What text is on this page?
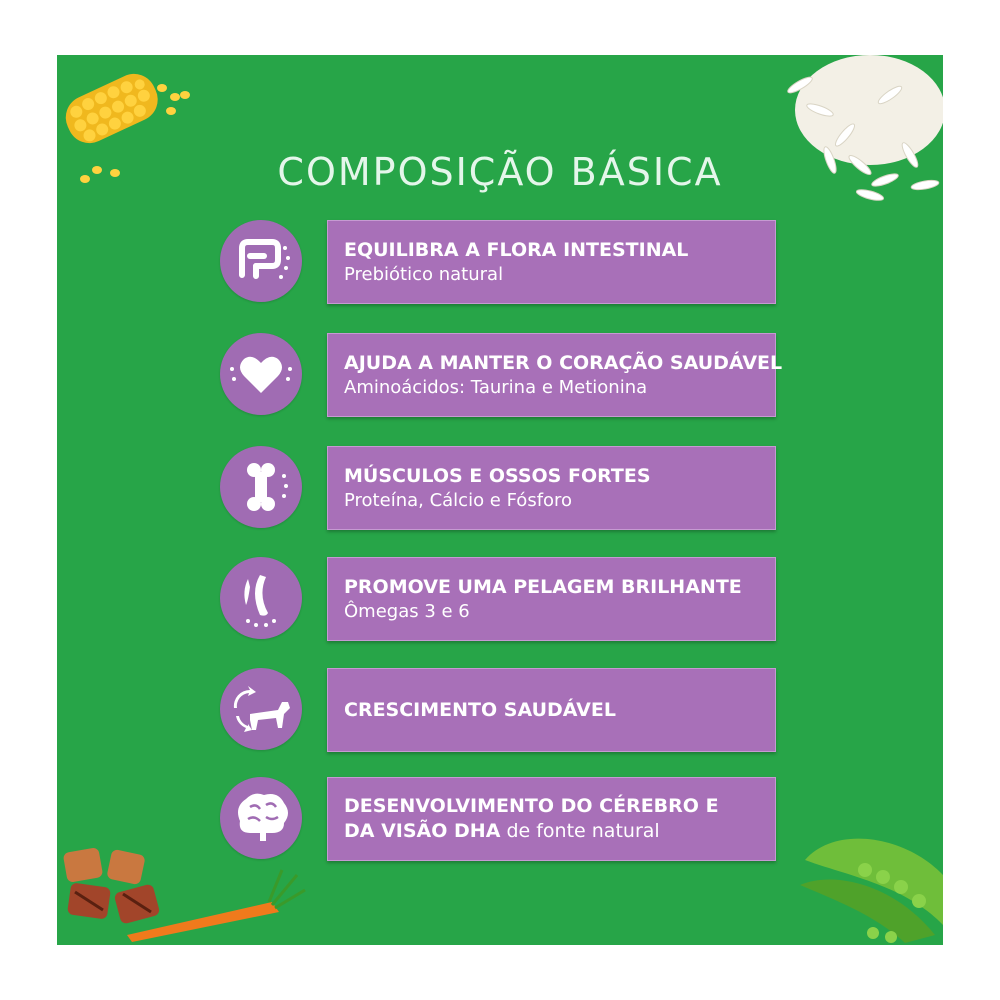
COMPOSIÇÃO BÁSICA
EQUILIBRA A FLORA INTESTINAL
Prebiótico natural
AJUDA A MANTER O CORAÇÃO SAUDÁVEL
Aminoácidos: Taurina e Metionina
MÚSCULOS E OSSOS FORTES
Proteína, Cálcio e Fósforo
PROMOVE UMA PELAGEM BRILHANTE
Ômegas 3 e 6
CRESCIMENTO SAUDÁVEL
DESENVOLVIMENTO DO CÉREBRO E
DA VISÃO DHA de fonte natural
